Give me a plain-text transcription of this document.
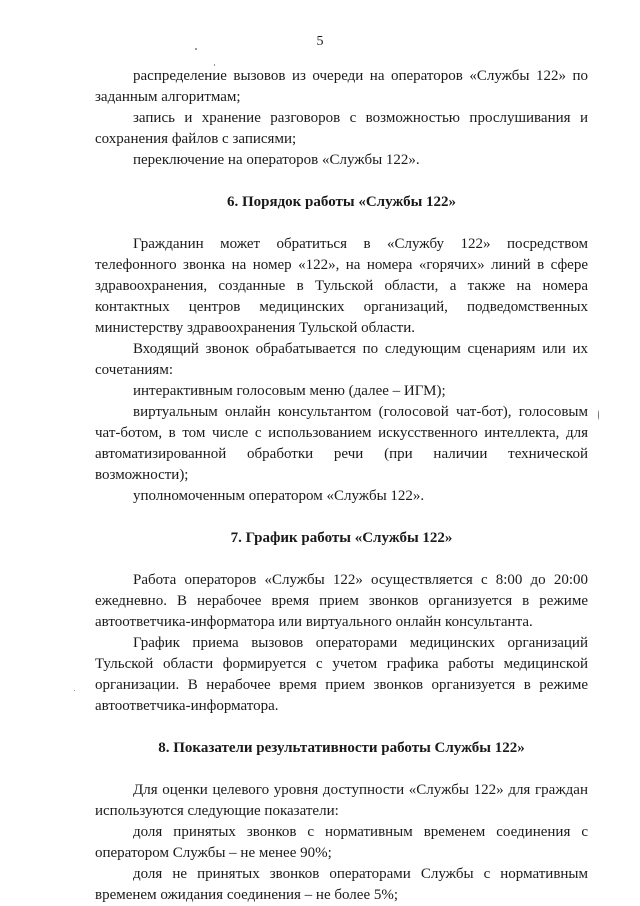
5

распределение вызовов из очереди на операторов «Службы 122» по заданным алгоритмам;

запись и хранение разговоров с возможностью прослушивания и сохранения файлов с записями;

переключение на операторов «Службы 122».

6. Порядок работы «Службы 122»

Гражданин может обратиться в «Службу 122» посредством телефонного звонка на номер «122», на номера «горячих» линий в сфере здравоохранения, созданные в Тульской области, а также на номера контактных центров медицинских организаций, подведомственных министерству здравоохранения Тульской области.

Входящий звонок обрабатывается по следующим сценариям или их сочетаниям:

интерактивным голосовым меню (далее – ИГМ);

виртуальным онлайн консультантом (голосовой чат-бот), голосовым чат-ботом, в том числе с использованием искусственного интеллекта, для автоматизированной обработки речи (при наличии технической возможности);

уполномоченным оператором «Службы 122».

7. График работы «Службы 122»

Работа операторов «Службы 122» осуществляется с 8:00 до 20:00 ежедневно. В нерабочее время прием звонков организуется в режиме автоответчика-информатора или виртуального онлайн консультанта.

График приема вызовов операторами медицинских организаций Тульской области формируется с учетом графика работы медицинской организации. В нерабочее время прием звонков организуется в режиме автоответчика-информатора.

8. Показатели результативности работы Службы 122»

Для оценки целевого уровня доступности «Службы 122» для граждан используются следующие показатели:

доля принятых звонков с нормативным временем соединения с оператором Службы – не менее 90%;

доля не принятых звонков операторами Службы с нормативным временем ожидания соединения – не более 5%;
